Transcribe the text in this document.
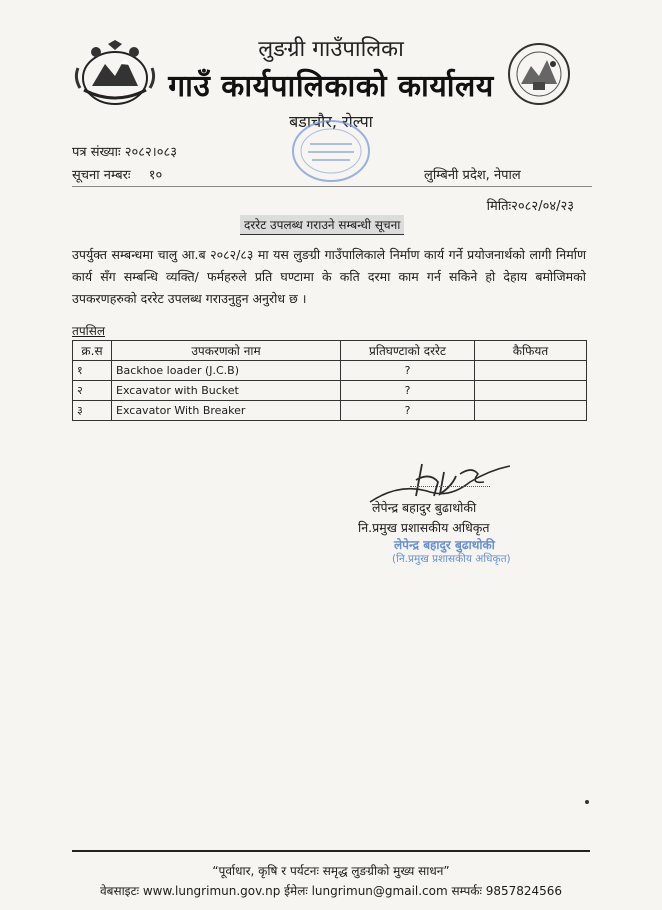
लुङग्री गाउँपालिका
गाउँ कार्यपालिकाको कार्यालय
बडाचौर, रोल्पा
पत्र संख्याः २०८२।०८३
सूचना नम्बरः १०	लुम्बिनी प्रदेश, नेपाल
मितिः२०८२/०४/२३
दररेट उपलब्ध गराउने सम्बन्धी सूचना
उपर्युक्त सम्बन्धमा चालु आ.ब २०८२/८३ मा यस लुङग्री गाउँपालिकाले निर्माण कार्य गर्ने प्रयोजनार्थको लागी निर्माण कार्य सँग सम्बन्धि व्यक्ति/ फर्महरुले प्रति घण्टामा के कति दरमा काम गर्न सकिने हो देहाय बमोजिमको उपकरणहरुको दररेट उपलब्ध गराउनुहुन अनुरोध छ ।
तपसिल
क्र.स	उपकरणको नाम	प्रतिघण्टाको दररेट	कैफियत
१	Backhoe loader (J.C.B)	?	
२	Excavator with Bucket	?	
३	Excavator With Breaker	?	
लेपेन्द्र बहादुर बुढाथोकी
नि.प्रमुख प्रशासकीय अधिकृत
लेपेन्द्र बहादुर बुढाथोकी
(नि.प्रमुख प्रशासकीय अधिकृत)
“पूर्वाधार, कृषि र पर्यटनः समृद्ध लुङग्रीको मुख्य साधन”
वेबसाइटः www.lungrimun.gov.np ईमेलः lungrimun@gmail.com सम्पर्कः 9857824566
